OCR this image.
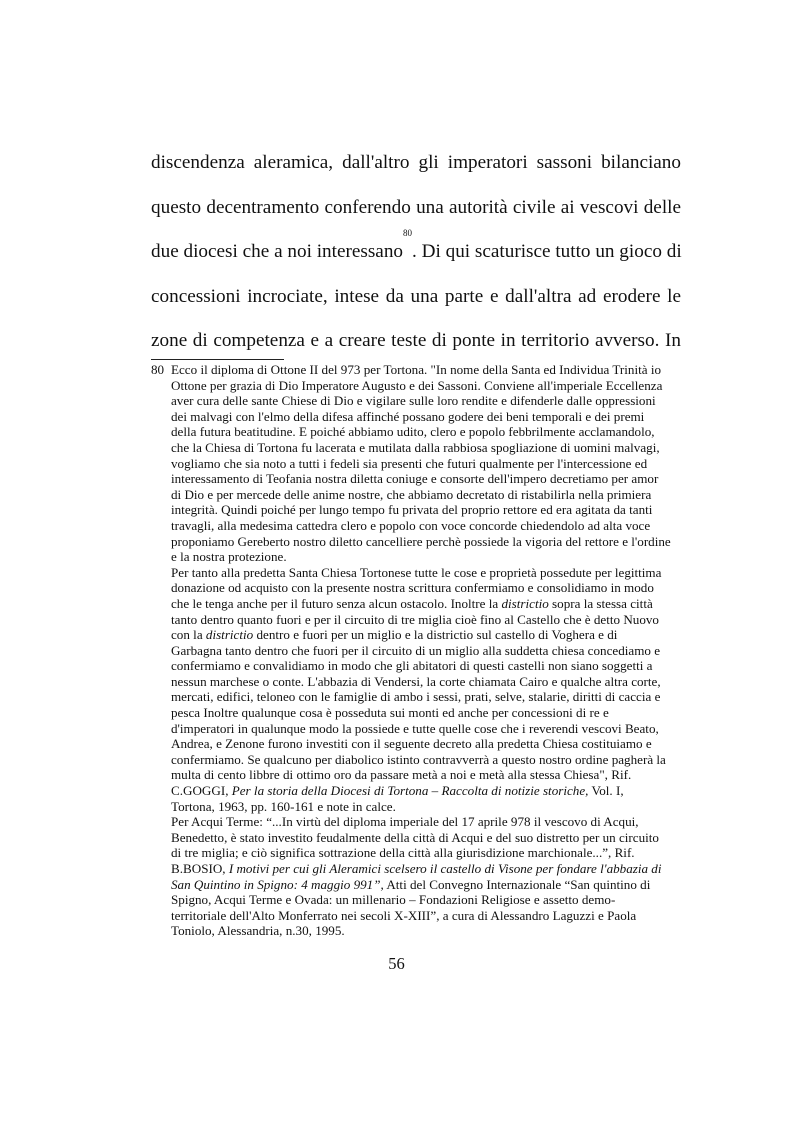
discendenza aleramica, dall'altro gli imperatori sassoni bilanciano
questo decentramento conferendo una autorità civile ai vescovi delle
due diocesi che a noi interessano$^{80}$. Di qui scaturisce tutto un gioco di
concessioni incrociate, intese da una parte e dall'altra ad erodere le
zone di competenza e a creare teste di ponte in territorio avverso. In
80 Ecco il diploma di Ottone II del 973 per Tortona. "In nome della Santa ed Individua Trinità io
Ottone per grazia di Dio Imperatore Augusto e dei Sassoni. Conviene all'imperiale Eccellenza
aver cura delle sante Chiese di Dio e vigilare sulle loro rendite e difenderle dalle oppressioni
dei malvagi con l'elmo della difesa affinché possano godere dei beni temporali e dei premi
della futura beatitudine. E poiché abbiamo udito, clero e popolo febbrilmente acclamandolo,
che la Chiesa di Tortona fu lacerata e mutilata dalla rabbiosa spogliazione di uomini malvagi,
vogliamo che sia noto a tutti i fedeli sia presenti che futuri qualmente per l'intercessione ed
interessamento di Teofania nostra diletta coniuge e consorte dell'impero decretiamo per amor
di Dio e per mercede delle anime nostre, che abbiamo decretato di ristabilirla nella primiera
integrità. Quindi poiché per lungo tempo fu privata del proprio rettore ed era agitata da tanti
travagli, alla medesima cattedra clero e popolo con voce concorde chiedendolo ad alta voce
proponiamo Gereberto nostro diletto cancelliere perchè possiede la vigoria del rettore e l'ordine
e la nostra protezione.
Per tanto alla predetta Santa Chiesa Tortonese tutte le cose e proprietà possedute per legittima
donazione od acquisto con la presente nostra scrittura confermiamo e consolidiamo in modo
che le tenga anche per il futuro senza alcun ostacolo. Inoltre la districtio sopra la stessa città
tanto dentro quanto fuori e per il circuito di tre miglia cioè fino al Castello che è detto Nuovo
con la districtio dentro e fuori per un miglio e la districtio sul castello di Voghera e di
Garbagna tanto dentro che fuori per il circuito di un miglio alla suddetta chiesa concediamo e
confermiamo e convalidiamo in modo che gli abitatori di questi castelli non siano soggetti a
nessun marchese o conte. L'abbazia di Vendersi, la corte chiamata Cairo e qualche altra corte,
mercati, edifici, teloneo con le famiglie di ambo i sessi, prati, selve, stalarie, diritti di caccia e
pesca Inoltre qualunque cosa è posseduta sui monti ed anche per concessioni di re e
d'imperatori in qualunque modo la possiede e tutte quelle cose che i reverendi vescovi Beato,
Andrea, e Zenone furono investiti con il seguente decreto alla predetta Chiesa costituiamo e
confermiamo. Se qualcuno per diabolico istinto contravverrà a questo nostro ordine pagherà la
multa di cento libbre di ottimo oro da passare metà a noi e metà alla stessa Chiesa", Rif.
C.GOGGI, Per la storia della Diocesi di Tortona – Raccolta di notizie storiche, Vol. I,
Tortona, 1963, pp. 160-161 e note in calce.
Per Acqui Terme: “...In virtù del diploma imperiale del 17 aprile 978 il vescovo di Acqui,
Benedetto, è stato investito feudalmente della città di Acqui e del suo distretto per un circuito
di tre miglia; e ciò significa sottrazione della città alla giurisdizione marchionale...”, Rif.
B.BOSIO, I motivi per cui gli Aleramici scelsero il castello di Visone per fondare l'abbazia di
San Quintino in Spigno: 4 maggio 991”, Atti del Convegno Internazionale “San quintino di
Spigno, Acqui Terme e Ovada: un millenario – Fondazioni Religiose e assetto demo-
territoriale dell'Alto Monferrato nei secoli X-XIII”, a cura di Alessandro Laguzzi e Paola
Toniolo, Alessandria, n.30, 1995.
56
